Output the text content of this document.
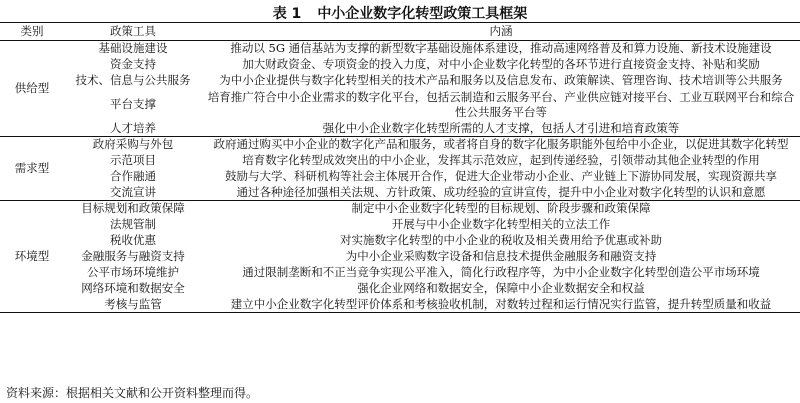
表 1 中小企业数字化转型政策工具框架
类别	政策工具	内涵
供给型	基础设施建设	推动以 5G 通信基站为支撑的新型数字基础设施体系建设，推动高速网络普及和算力设施、新技术设施建设
	资金支持	加大财政资金、专项资金的投入力度，对中小企业数字化转型的各环节进行直接资金支持、补贴和奖励
	技术、信息与公共服务	为中小企业提供与数字化转型相关的技术产品和服务以及信息发布、政策解读、管理咨询、技术培训等公共服务
	平台支撑	培育推广符合中小企业需求的数字化平台，包括云制造和云服务平台、产业供应链对接平台、工业互联网平台和综合性公共服务平台等
	人才培养	强化中小企业数字化转型所需的人才支撑，包括人才引进和培育政策等
需求型	政府采购与外包	政府通过购买中小企业的数字化产品和服务，或者将自身的数字化服务职能外包给中小企业，以促进其数字化转型
	示范项目	培育数字化转型成效突出的中小企业，发挥其示范效应，起到传递经验，引领带动其他企业转型的作用
	合作融通	鼓励与大学、科研机构等社会主体展开合作，促进大企业带动小企业、产业链上下游协同发展，实现资源共享
	交流宣讲	通过各种途径加强相关法规、方针政策、成功经验的宣讲宣传，提升中小企业对数字化转型的认识和意愿
环境型	目标规划和政策保障	制定中小企业数字化转型的目标规划、阶段步骤和政策保障
	法规管制	开展与中小企业数字化转型相关的立法工作
	税收优惠	对实施数字化转型的中小企业的税收及相关费用给予优惠或补助
	金融服务与融资支持	为中小企业采购数字设备和信息技术提供金融服务和融资支持
	公平市场环境维护	通过限制垄断和不正当竞争实现公平准入，简化行政程序等，为中小企业数字化转型创造公平市场环境
	网络环境和数据安全	强化企业网络和数据安全，保障中小企业数据安全和权益
	考核与监管	建立中小企业数字化转型评价体系和考核验收机制，对数转过程和运行情况实行监管，提升转型质量和收益
资料来源：根据相关文献和公开资料整理而得。
